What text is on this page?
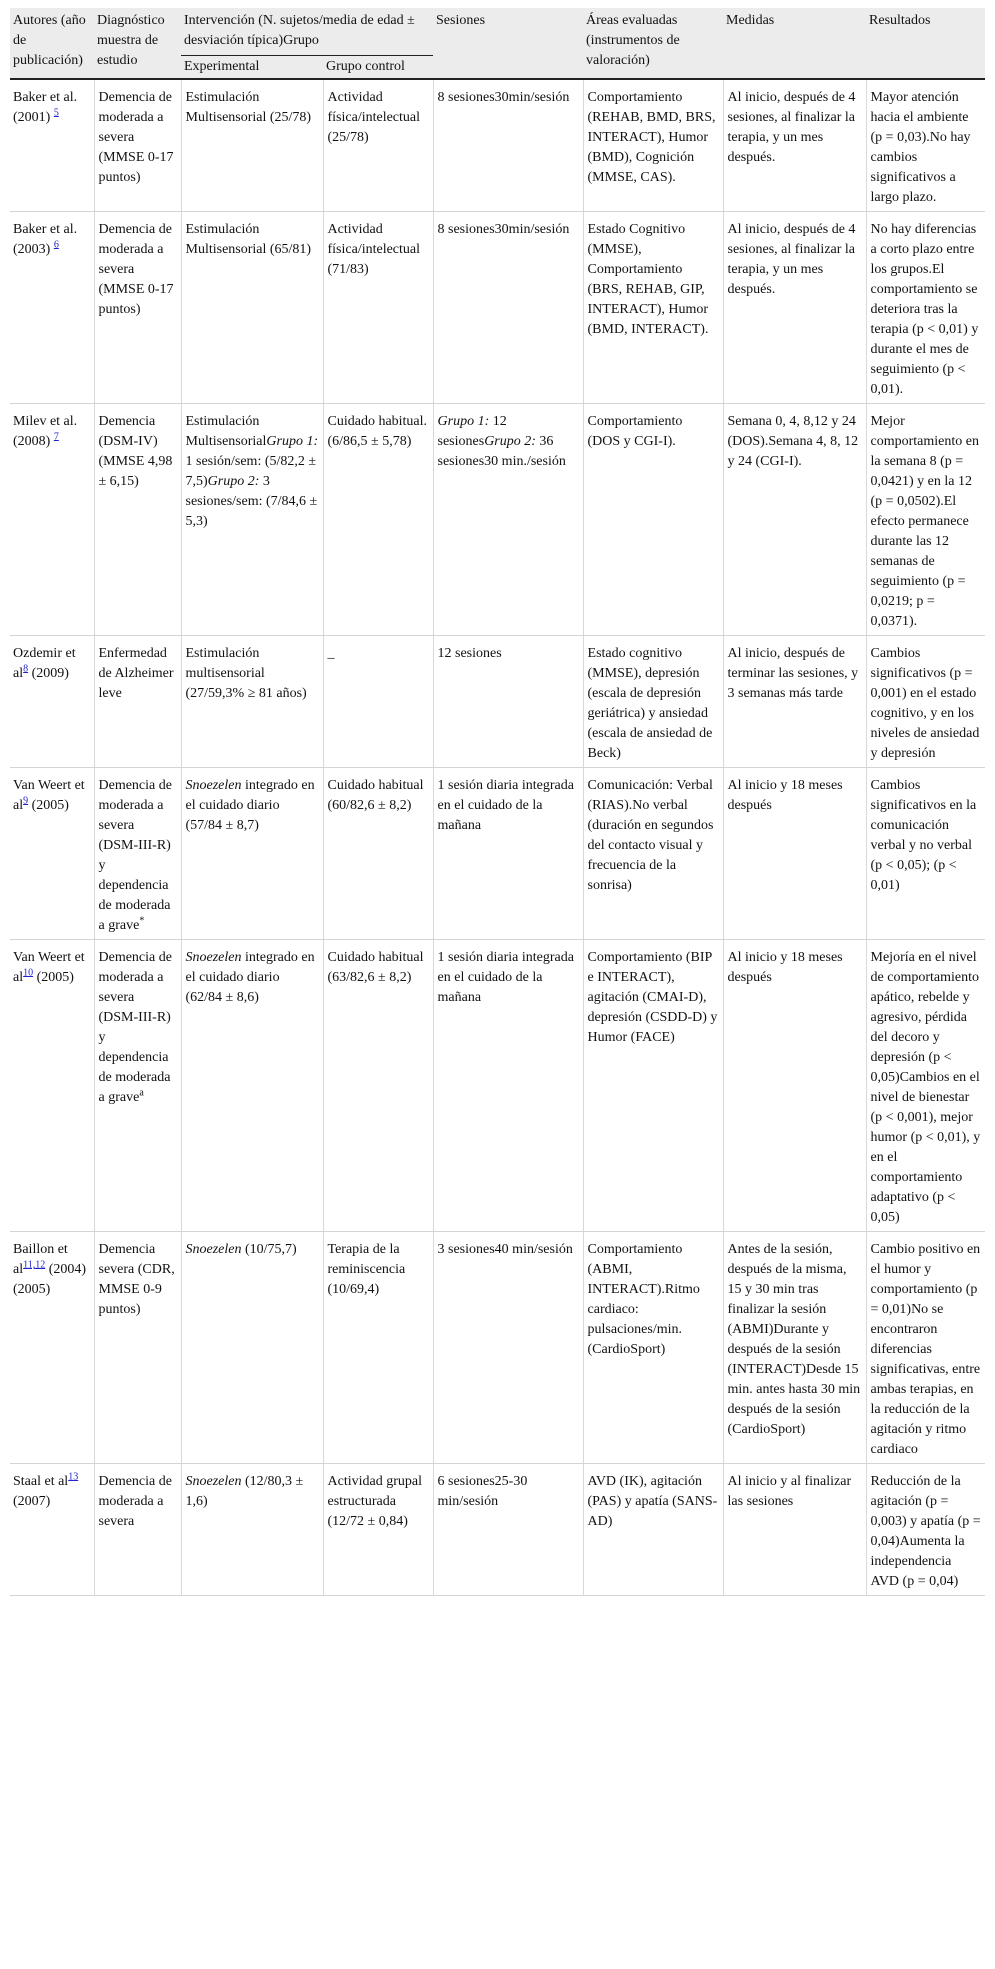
Autores (año de publicación)	Diagnóstico muestra de estudio	Intervención (N. sujetos/media de edad ± desviación típica)Grupo		Sesiones	Áreas evaluadas (instrumentos de valoración)	Medidas	Resultados
		Experimental	Grupo control				
Baker et al. (2001) $^5$	Demencia de moderada a severa (MMSE 0-17 puntos)	Estimulación Multisensorial (25/78)	Actividad física/intelectual (25/78)	8 sesiones30min/sesión	Comportamiento (REHAB, BMD, BRS, INTERACT), Humor (BMD), Cognición (MMSE, CAS).	Al inicio, después de 4 sesiones, al finalizar la terapia, y un mes después.	Mayor atención hacia el ambiente (p = 0,03).No hay cambios significativos a largo plazo.
Baker et al. (2003) $^6$	Demencia de moderada a severa (MMSE 0-17 puntos)	Estimulación Multisensorial (65/81)	Actividad física/intelectual (71/83)	8 sesiones30min/sesión	Estado Cognitivo (MMSE), Comportamiento (BRS, REHAB, GIP, INTERACT), Humor (BMD, INTERACT).	Al inicio, después de 4 sesiones, al finalizar la terapia, y un mes después.	No hay diferencias a corto plazo entre los grupos.El comportamiento se deteriora tras la terapia (p < 0,01) y durante el mes de seguimiento (p < 0,01).
Milev et al. (2008) $^7$	Demencia (DSM-IV) (MMSE 4,98 ± 6,15)	Estimulación MultisensorialGrupo 1: 1 sesión/sem: (5/82,2 ± 7,5)Grupo 2: 3 sesiones/sem: (7/84,6 ± 5,3)	Cuidado habitual. (6/86,5 ± 5,78)	Grupo 1: 12 sesionesGrupo 2: 36 sesiones30 min./sesión	Comportamiento (DOS y CGI-I).	Semana 0, 4, 8,12 y 24 (DOS).Semana 4, 8, 12 y 24 (CGI-I).	Mejor comportamiento en la semana 8 (p = 0,0421) y en la 12 (p = 0,0502).El efecto permanece durante las 12 semanas de seguimiento (p = 0,0219; p = 0,0371).
Ozdemir et al$^8$ (2009)	Enfermedad de Alzheimer leve	Estimulación multisensorial (27/59,3% ≥ 81 años)	_	12 sesiones	Estado cognitivo (MMSE), depresión (escala de depresión geriátrica) y ansiedad (escala de ansiedad de Beck)	Al inicio, después de terminar las sesiones, y 3 semanas más tarde	Cambios significativos (p = 0,001) en el estado cognitivo, y en los niveles de ansiedad y depresión
Van Weert et al$^9$ (2005)	Demencia de moderada a severa (DSM-III-R) y dependencia de moderada a grave*	Snoezelen integrado en el cuidado diario (57/84 ± 8,7)	Cuidado habitual (60/82,6 ± 8,2)	1 sesión diaria integrada en el cuidado de la mañana	Comunicación: Verbal (RIAS).No verbal (duración en segundos del contacto visual y frecuencia de la sonrisa)	Al inicio y 18 meses después	Cambios significativos en la comunicación verbal y no verbal (p < 0,05); (p < 0,01)
Van Weert et al$^{10}$ (2005)	Demencia de moderada a severa (DSM-III-R) y dependencia de moderada a grave$^a$	Snoezelen integrado en el cuidado diario (62/84 ± 8,6)	Cuidado habitual (63/82,6 ± 8,2)	1 sesión diaria integrada en el cuidado de la mañana	Comportamiento (BIP e INTERACT), agitación (CMAI-D), depresión (CSDD-D) y Humor (FACE)	Al inicio y 18 meses después	Mejoría en el nivel de comportamiento apático, rebelde y agresivo, pérdida del decoro y depresión (p < 0,05)Cambios en el nivel de bienestar (p < 0,001), mejor humor (p < 0,01), y en el comportamiento adaptativo (p < 0,05)
Baillon et al$^{11,12}$ (2004) (2005)	Demencia severa (CDR, MMSE 0-9 puntos)	Snoezelen (10/75,7)	Terapia de la reminiscencia (10/69,4)	3 sesiones40 min/sesión	Comportamiento (ABMI, INTERACT).Ritmo cardiaco: pulsaciones/min. (CardioSport)	Antes de la sesión, después de la misma, 15 y 30 min tras finalizar la sesión (ABMI)Durante y después de la sesión (INTERACT)Desde 15 min. antes hasta 30 min después de la sesión (CardioSport)	Cambio positivo en el humor y comportamiento (p = 0,01)No se encontraron diferencias significativas, entre ambas terapias, en la reducción de la agitación y ritmo cardiaco
Staal et al$^{13}$ (2007)	Demencia de moderada a severa	Snoezelen (12/80,3 ± 1,6)	Actividad grupal estructurada (12/72 ± 0,84)	6 sesiones25-30 min/sesión	AVD (IK), agitación (PAS) y apatía (SANS-AD)	Al inicio y al finalizar las sesiones	Reducción de la agitación (p = 0,003) y apatía (p = 0,04)Aumenta la independencia AVD (p = 0,04)
